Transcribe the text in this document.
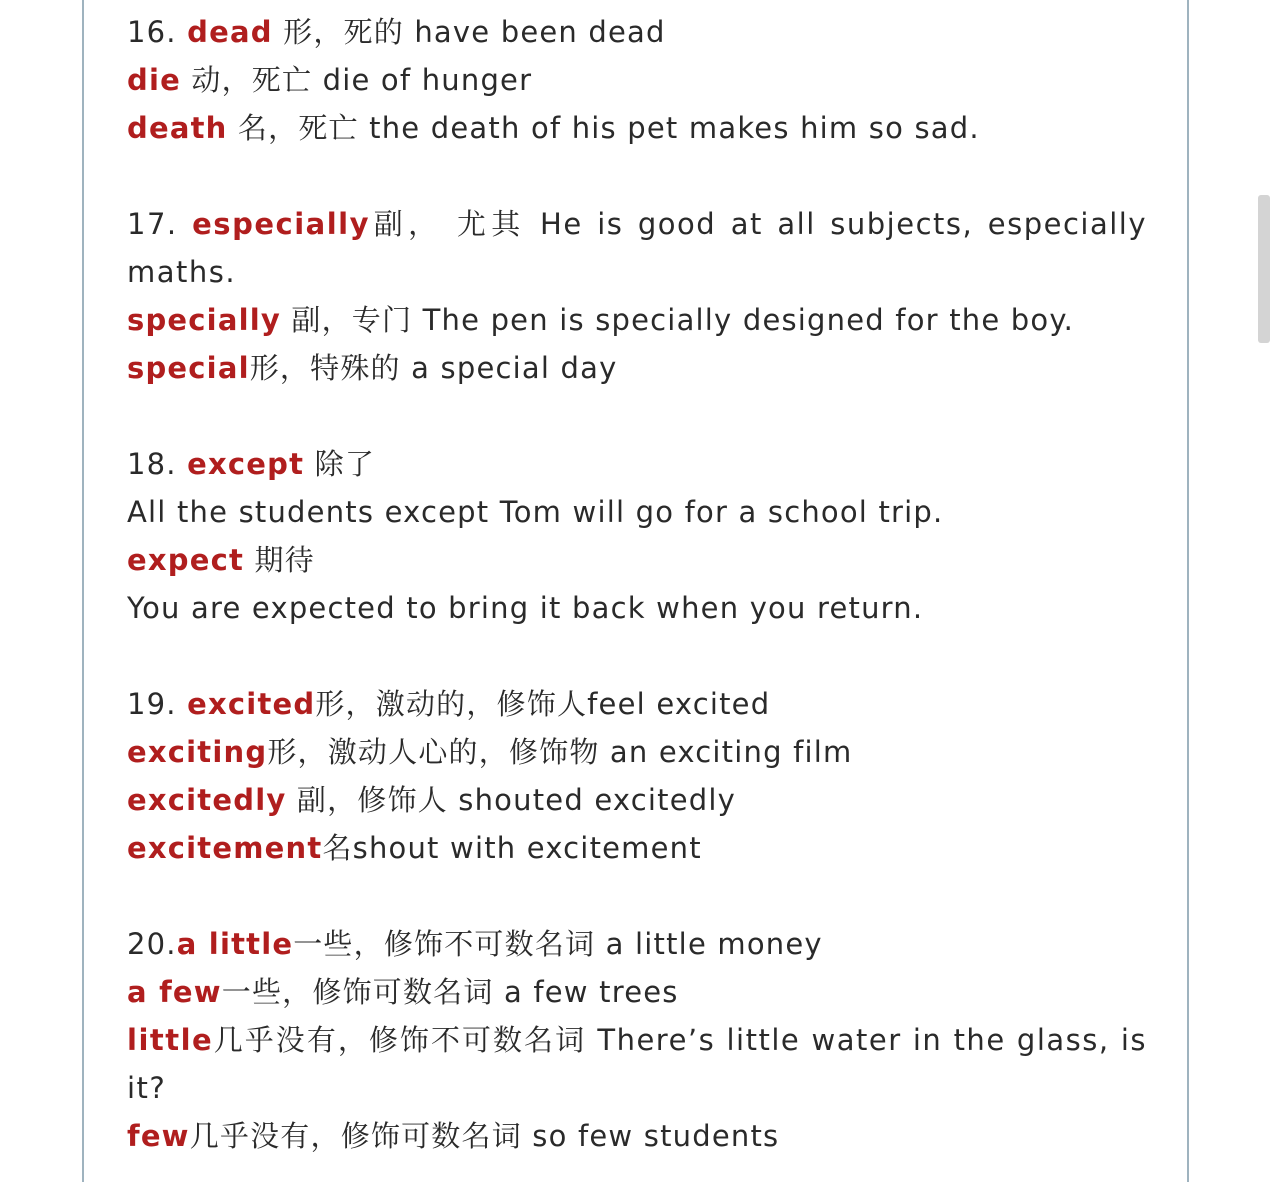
16. dead 形，死的 have been dead
die 动，死亡 die of hunger
death 名，死亡 the death of his pet makes him so sad.
17. especially副， 尤其 He is good at all subjects, especially maths.
specially 副，专门 The pen is specially designed for the boy.
special形，特殊的 a special day
18. except 除了
All the students except Tom will go for a school trip.
expect 期待
You are expected to bring it back when you return.
19. excited形，激动的，修饰人feel excited
exciting形，激动人心的，修饰物 an exciting film
excitedly 副，修饰人 shouted excitedly
excitement名shout with excitement
20.a little一些，修饰不可数名词 a little money
a few一些，修饰可数名词 a few trees
little几乎没有，修饰不可数名词 There’s little water in the glass, is it?
few几乎没有，修饰可数名词 so few students
